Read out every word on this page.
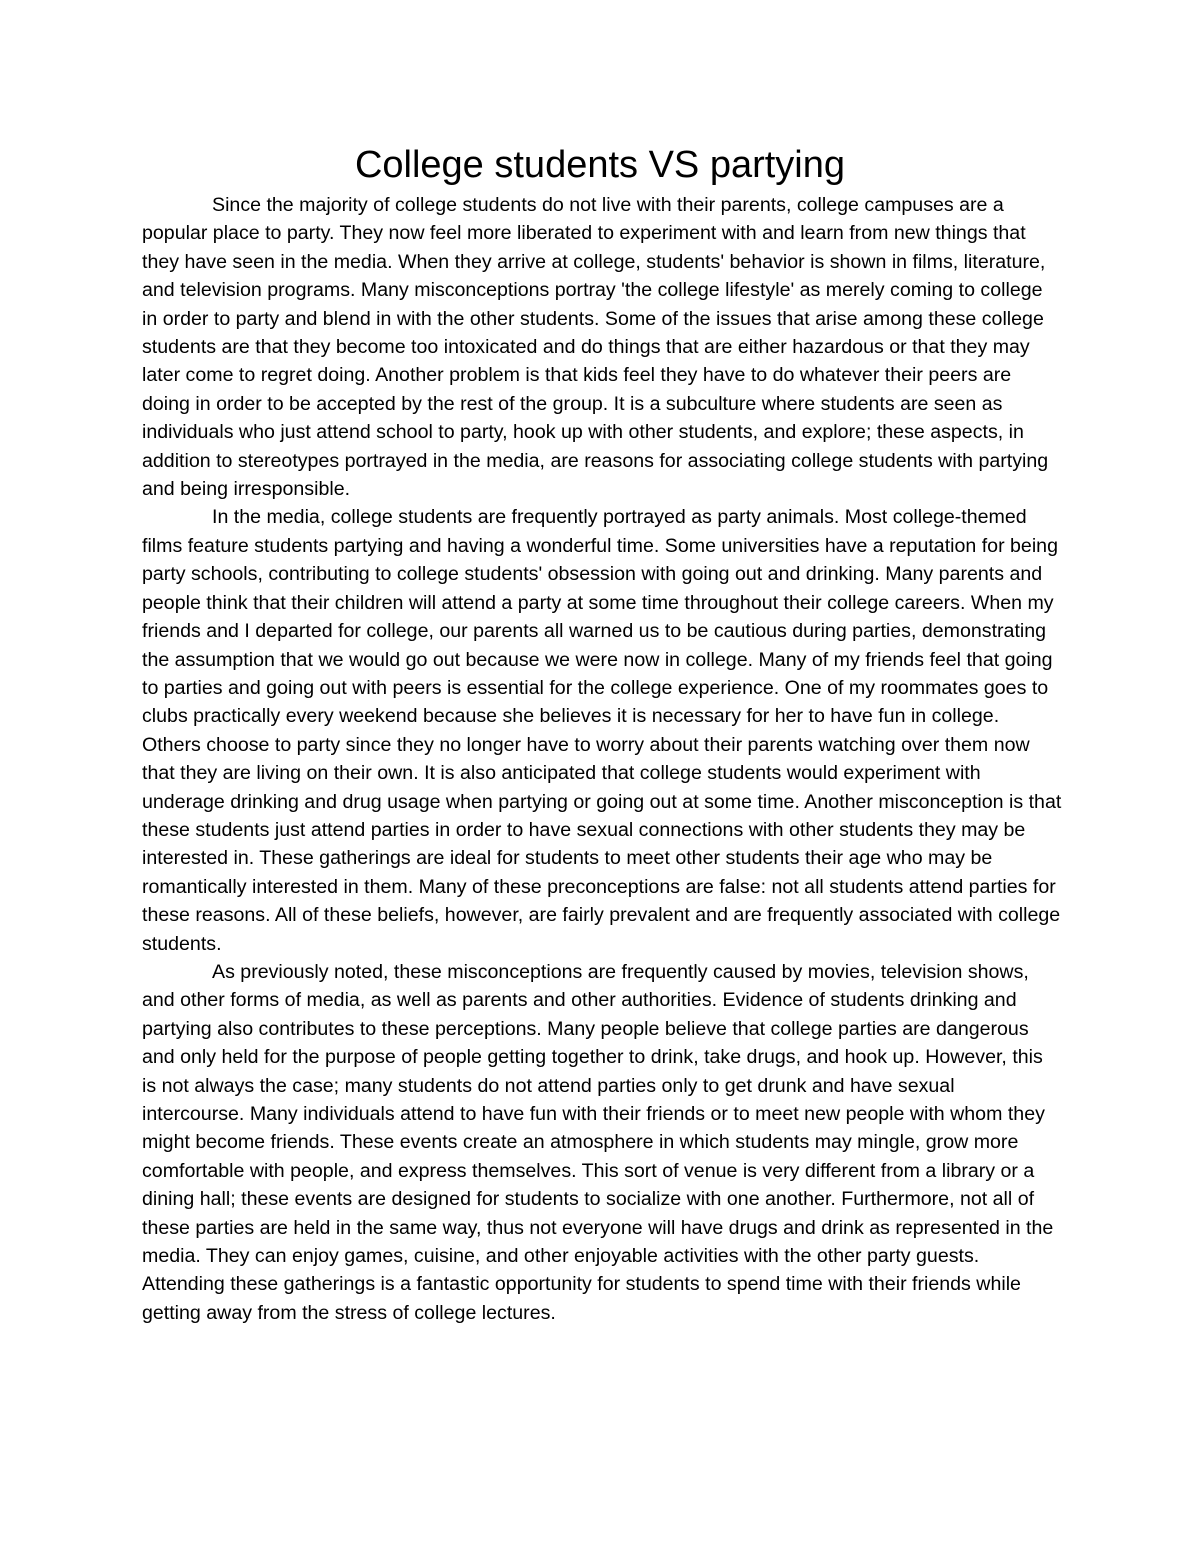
College students VS partying

Since the majority of college students do not live with their parents, college campuses are a popular place to party. They now feel more liberated to experiment with and learn from new things that they have seen in the media. When they arrive at college, students' behavior is shown in films, literature, and television programs. Many misconceptions portray 'the college lifestyle' as merely coming to college in order to party and blend in with the other students. Some of the issues that arise among these college students are that they become too intoxicated and do things that are either hazardous or that they may later come to regret doing. Another problem is that kids feel they have to do whatever their peers are doing in order to be accepted by the rest of the group. It is a subculture where students are seen as individuals who just attend school to party, hook up with other students, and explore; these aspects, in addition to stereotypes portrayed in the media, are reasons for associating college students with partying and being irresponsible.

In the media, college students are frequently portrayed as party animals. Most college-themed films feature students partying and having a wonderful time. Some universities have a reputation for being party schools, contributing to college students' obsession with going out and drinking. Many parents and people think that their children will attend a party at some time throughout their college careers. When my friends and I departed for college, our parents all warned us to be cautious during parties, demonstrating the assumption that we would go out because we were now in college. Many of my friends feel that going to parties and going out with peers is essential for the college experience. One of my roommates goes to clubs practically every weekend because she believes it is necessary for her to have fun in college. Others choose to party since they no longer have to worry about their parents watching over them now that they are living on their own. It is also anticipated that college students would experiment with underage drinking and drug usage when partying or going out at some time. Another misconception is that these students just attend parties in order to have sexual connections with other students they may be interested in. These gatherings are ideal for students to meet other students their age who may be romantically interested in them. Many of these preconceptions are false: not all students attend parties for these reasons. All of these beliefs, however, are fairly prevalent and are frequently associated with college students.

As previously noted, these misconceptions are frequently caused by movies, television shows, and other forms of media, as well as parents and other authorities. Evidence of students drinking and partying also contributes to these perceptions. Many people believe that college parties are dangerous and only held for the purpose of people getting together to drink, take drugs, and hook up. However, this is not always the case; many students do not attend parties only to get drunk and have sexual intercourse. Many individuals attend to have fun with their friends or to meet new people with whom they might become friends. These events create an atmosphere in which students may mingle, grow more comfortable with people, and express themselves. This sort of venue is very different from a library or a dining hall; these events are designed for students to socialize with one another. Furthermore, not all of these parties are held in the same way, thus not everyone will have drugs and drink as represented in the media. They can enjoy games, cuisine, and other enjoyable activities with the other party guests. Attending these gatherings is a fantastic opportunity for students to spend time with their friends while getting away from the stress of college lectures.
